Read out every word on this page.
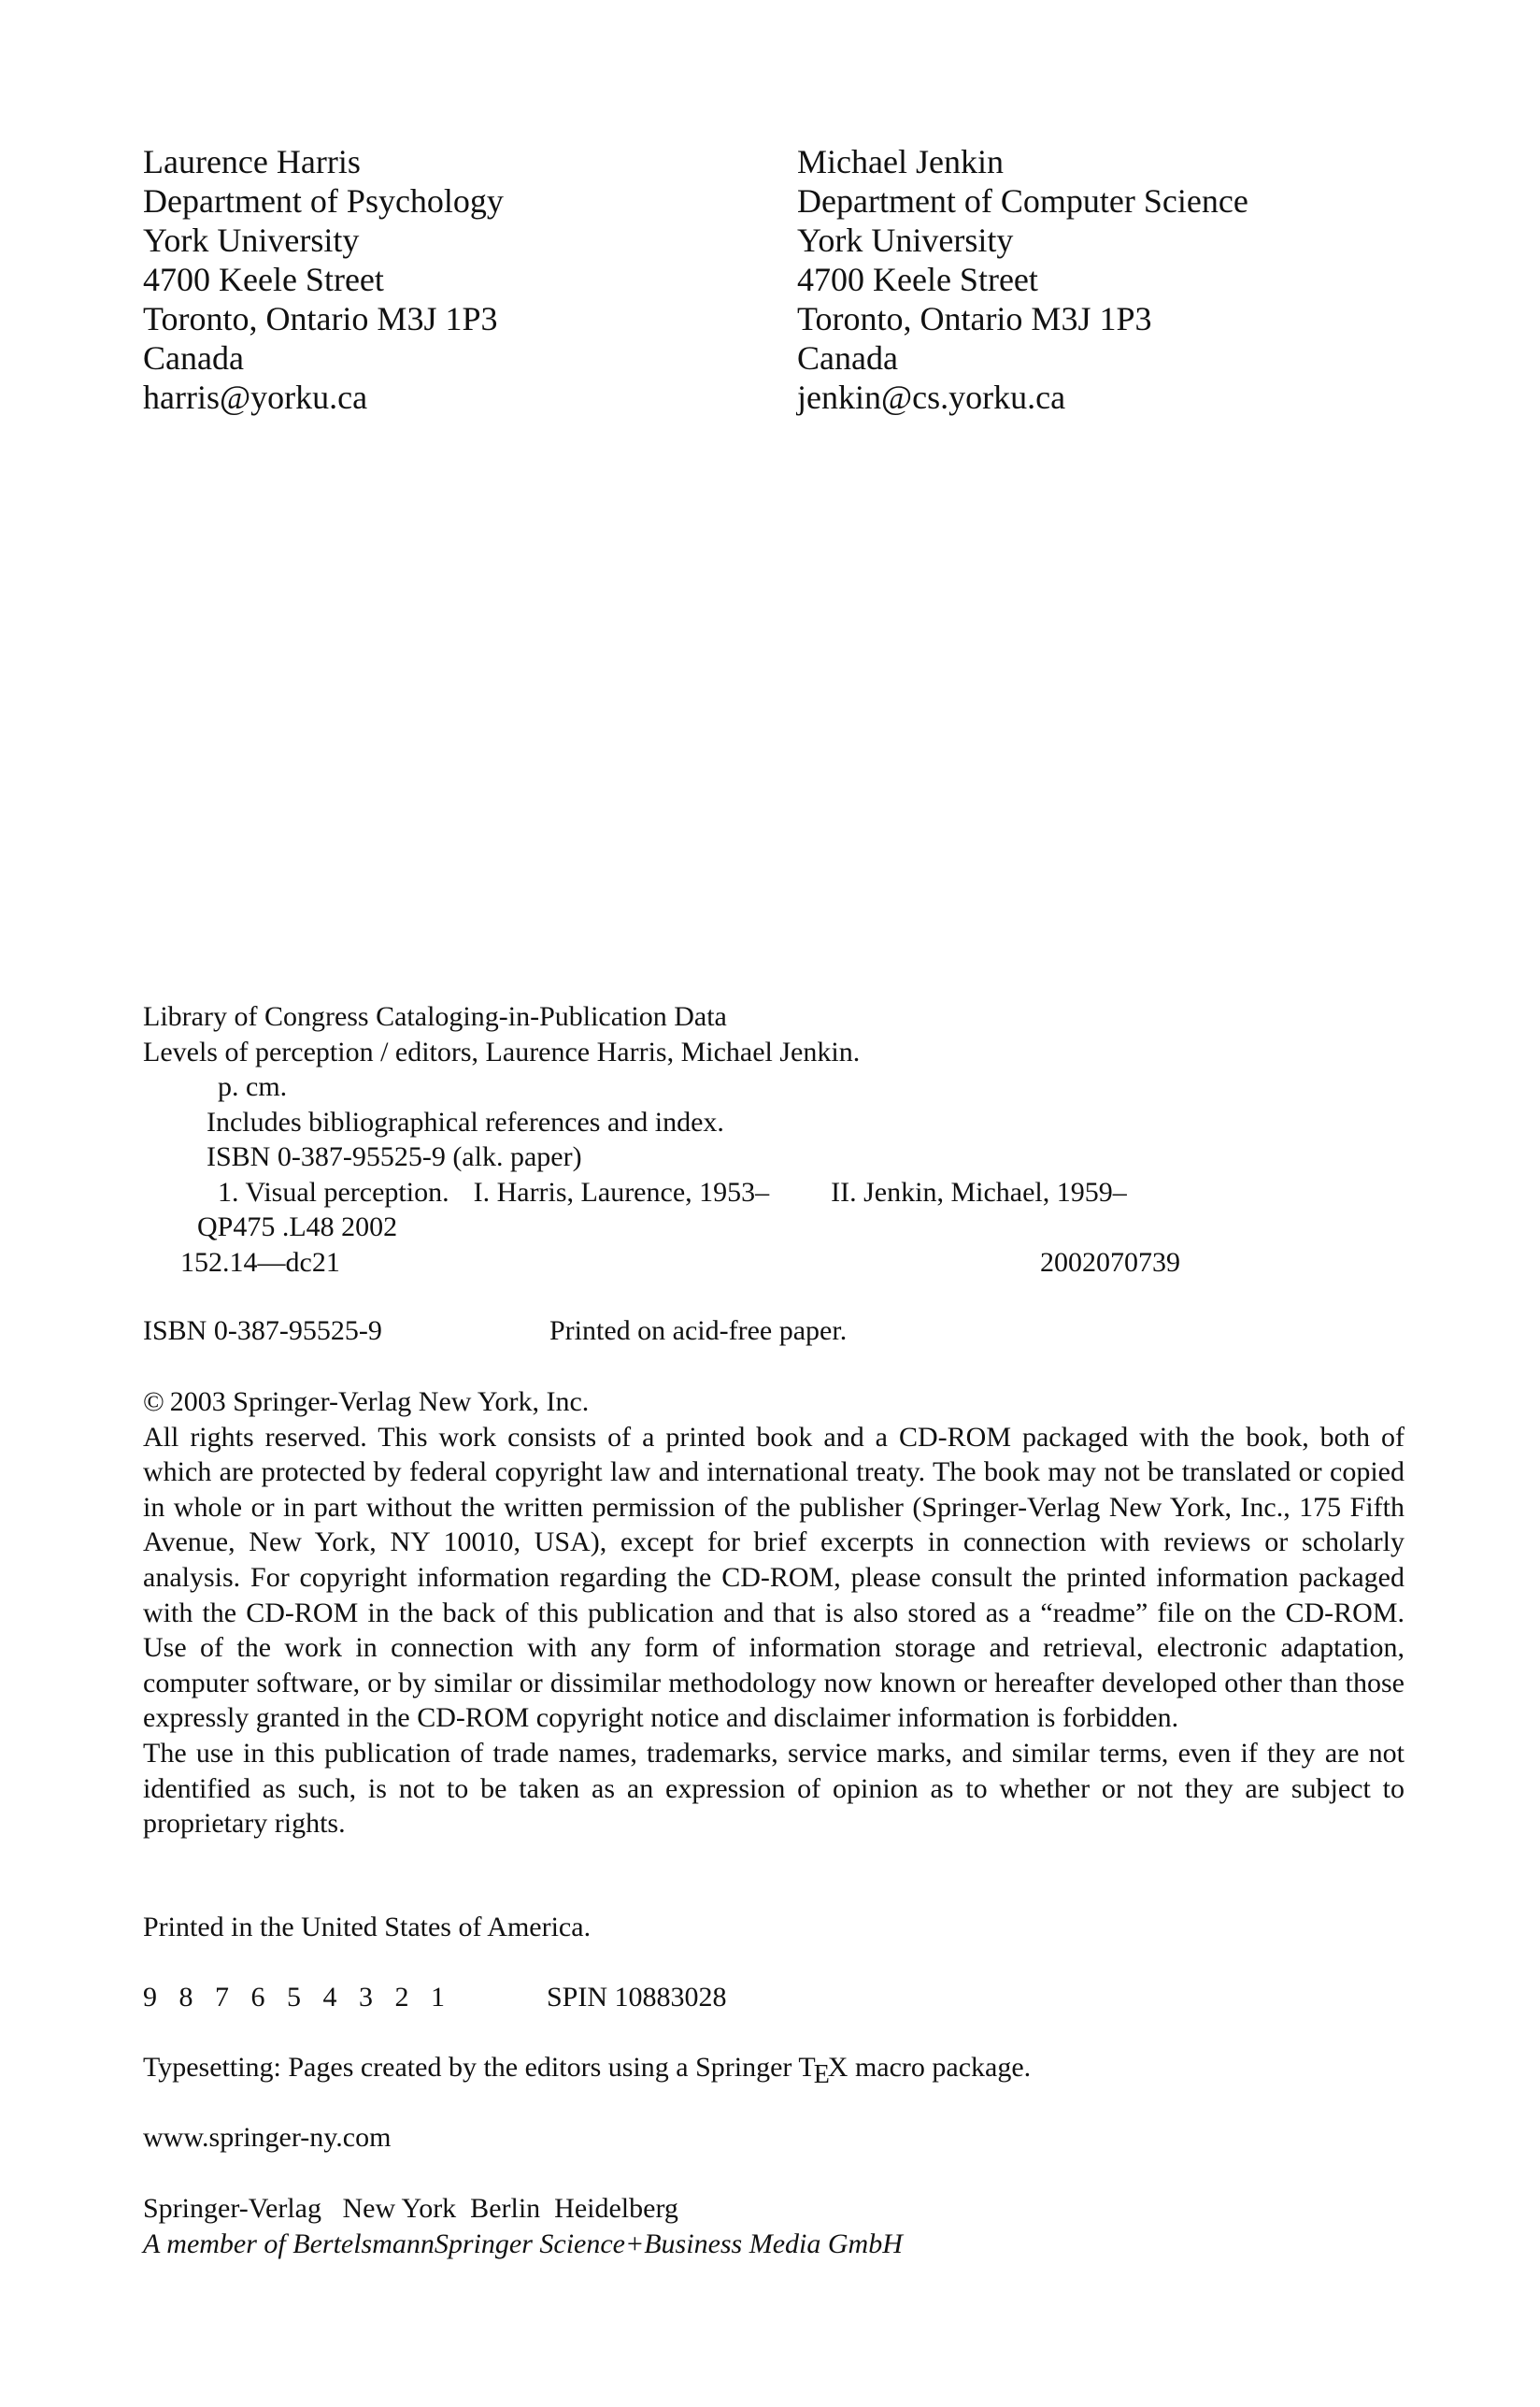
Laurence Harris
Department of Psychology
York University
4700 Keele Street
Toronto, Ontario M3J 1P3
Canada
harris@yorku.ca
Michael Jenkin
Department of Computer Science
York University
4700 Keele Street
Toronto, Ontario M3J 1P3
Canada
jenkin@cs.yorku.ca
Library of Congress Cataloging-in-Publication Data
Levels of perception / editors, Laurence Harris, Michael Jenkin.
p. cm.
Includes bibliographical references and index.
ISBN 0-387-95525-9 (alk. paper)
1. Visual perception. I. Harris, Laurence, 1953– II. Jenkin, Michael, 1959–
QP475 .L48 2002
152.14—dc21	2002070739
ISBN 0-387-95525-9	Printed on acid-free paper.

© 2003 Springer-Verlag New York, Inc.

All rights reserved. This work consists of a printed book and a CD-ROM packaged with the book, both of which are protected by federal copyright law and international treaty. The book may not be translated or copied in whole or in part without the written permission of the publisher (Springer-Verlag New York, Inc., 175 Fifth Avenue, New York, NY 10010, USA), except for brief excerpts in connection with reviews or scholarly analysis. For copyright information regarding the CD-ROM, please consult the printed information packaged with the CD-ROM in the back of this publication and that is also stored as a “readme” file on the CD-ROM. Use of the work in connection with any form of information storage and retrieval, electronic adaptation, computer software, or by similar or dissimilar methodology now known or hereafter developed other than those expressly granted in the CD-ROM copyright notice and disclaimer information is forbidden.

The use in this publication of trade names, trademarks, service marks, and similar terms, even if they are not identified as such, is not to be taken as an expression of opinion as to whether or not they are subject to proprietary rights.

Printed in the United States of America.
9 8 7 6 5 4 3 2 1	SPIN 10883028
Typesetting: Pages created by the editors using a Springer TEX macro package.
www.springer-ny.com
Springer-Verlag   New York  Berlin  Heidelberg
A member of BertelsmannSpringer Science+Business Media GmbH
